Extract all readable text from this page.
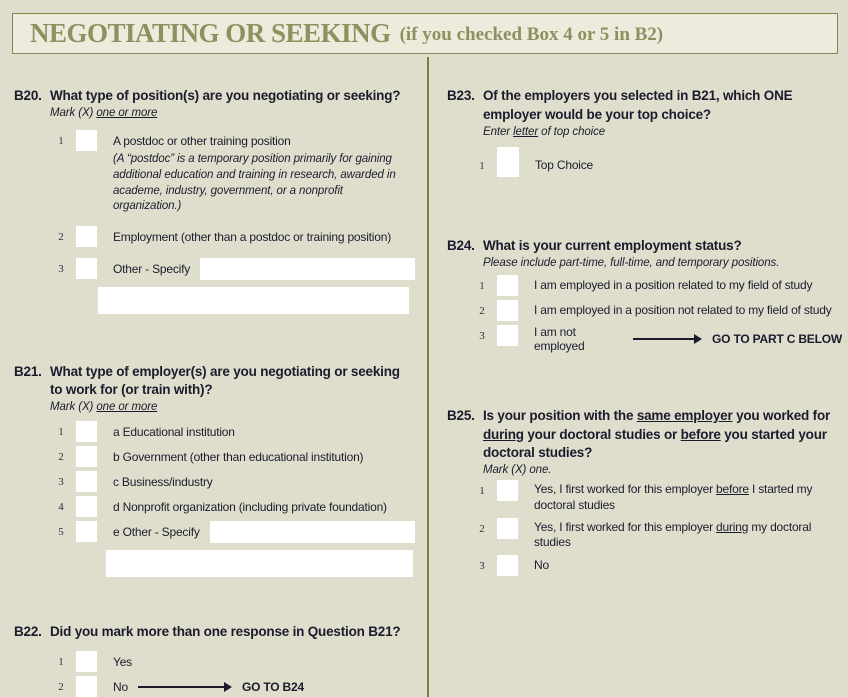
NEGOTIATING OR SEEKING (if you checked Box 4 or 5 in B2)
B20. What type of position(s) are you negotiating or seeking?
Mark (X) one or more
1	A postdoc or other training position
(A “postdoc” is a temporary position primarily for gaining additional education and training in research, awarded in academe, industry, government, or a nonprofit organization.)
2	Employment (other than a postdoc or training position)
3	Other - Specify
B21. What type of employer(s) are you negotiating or seeking to work for (or train with)?
Mark (X) one or more
1	a Educational institution
2	b Government (other than educational institution)
3	c Business/industry
4	d Nonprofit organization (including private foundation)
5	e Other - Specify
B22. Did you mark more than one response in Question B21?
1	Yes
2	No	GO TO B24
B23. Of the employers you selected in B21, which ONE employer would be your top choice?
Enter letter of top choice
1	Top Choice
B24. What is your current employment status?
Please include part-time, full-time, and temporary positions.
1	I am employed in a position related to my field of study
2	I am employed in a position not related to my field of study
3	I am not employed	GO TO PART C BELOW
B25. Is your position with the same employer you worked for during your doctoral studies or before you started your doctoral studies?
Mark (X) one.
1	Yes, I first worked for this employer before I started my doctoral studies
2	Yes, I first worked for this employer during my doctoral studies
3	No
